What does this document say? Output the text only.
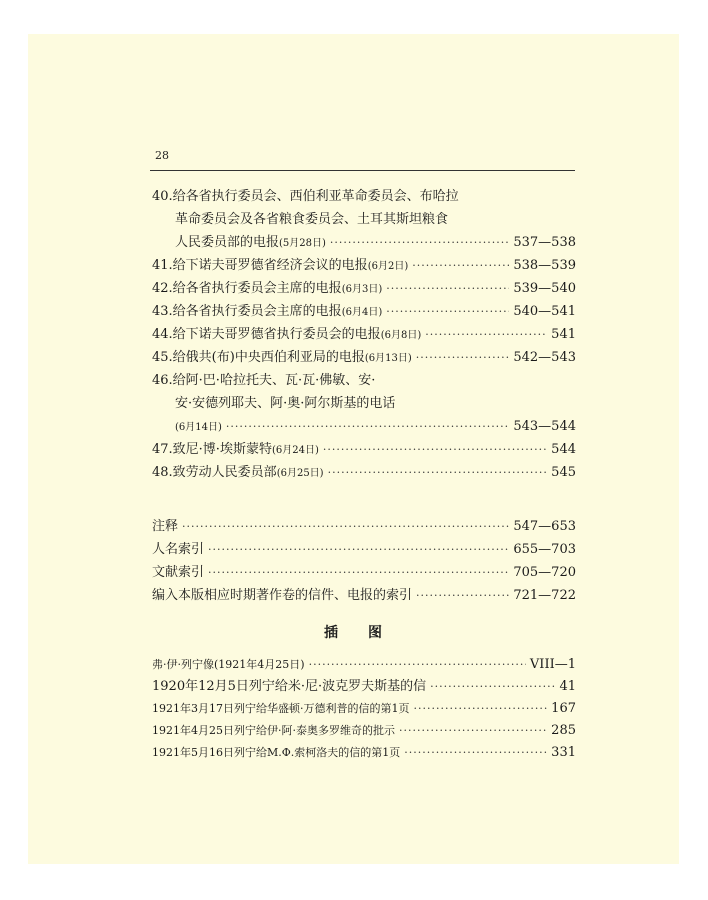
28
40.给各省执行委员会、西伯利亚革命委员会、布哈拉
革命委员会及各省粮食委员会、土耳其斯坦粮食
人民委员部的电报 (5月28日) ·····	537—538
41.给下诺夫哥罗德省经济会议的电报 (6月2日) ·····	538—539
42.给各省执行委员会主席的电报 (6月3日) ·····	539—540
43.给各省执行委员会主席的电报 (6月4日) ·····	540—541
44.给下诺夫哥罗德省执行委员会的电报 (6月8日) ·····	541
45.给俄共(布)中央西伯利亚局的电报 (6月13日) ·····	542—543
46.给阿·巴·哈拉托夫、瓦·瓦·佛敏、安·
安·安德列耶夫、阿·奥·阿尔斯基的电话
(6月14日) ·····	543—544
47.致尼·博·埃斯蒙特 (6月24日) ·····	544
48.致劳动人民委员部 (6月25日) ·····	545
注释 ·····	547—653
人名索引 ·····	655—703
文献索引 ·····	705—720
编入本版相应时期著作卷的信件、电报的索引 ·····	721—722
插 图
弗·伊·列宁像(1921年4月25日) ·····	VIII—1
1920年12月5日列宁给米·尼·波克罗夫斯基的信 ·····	41
1921年3月17日列宁给华盛顿·万德利普的信的第1页 ·····	167
1921年4月25日列宁给伊·阿·泰奥多罗维奇的批示 ·····	285
1921年5月16日列宁给M.Φ.索柯洛夫的信的第1页 ·····	331
